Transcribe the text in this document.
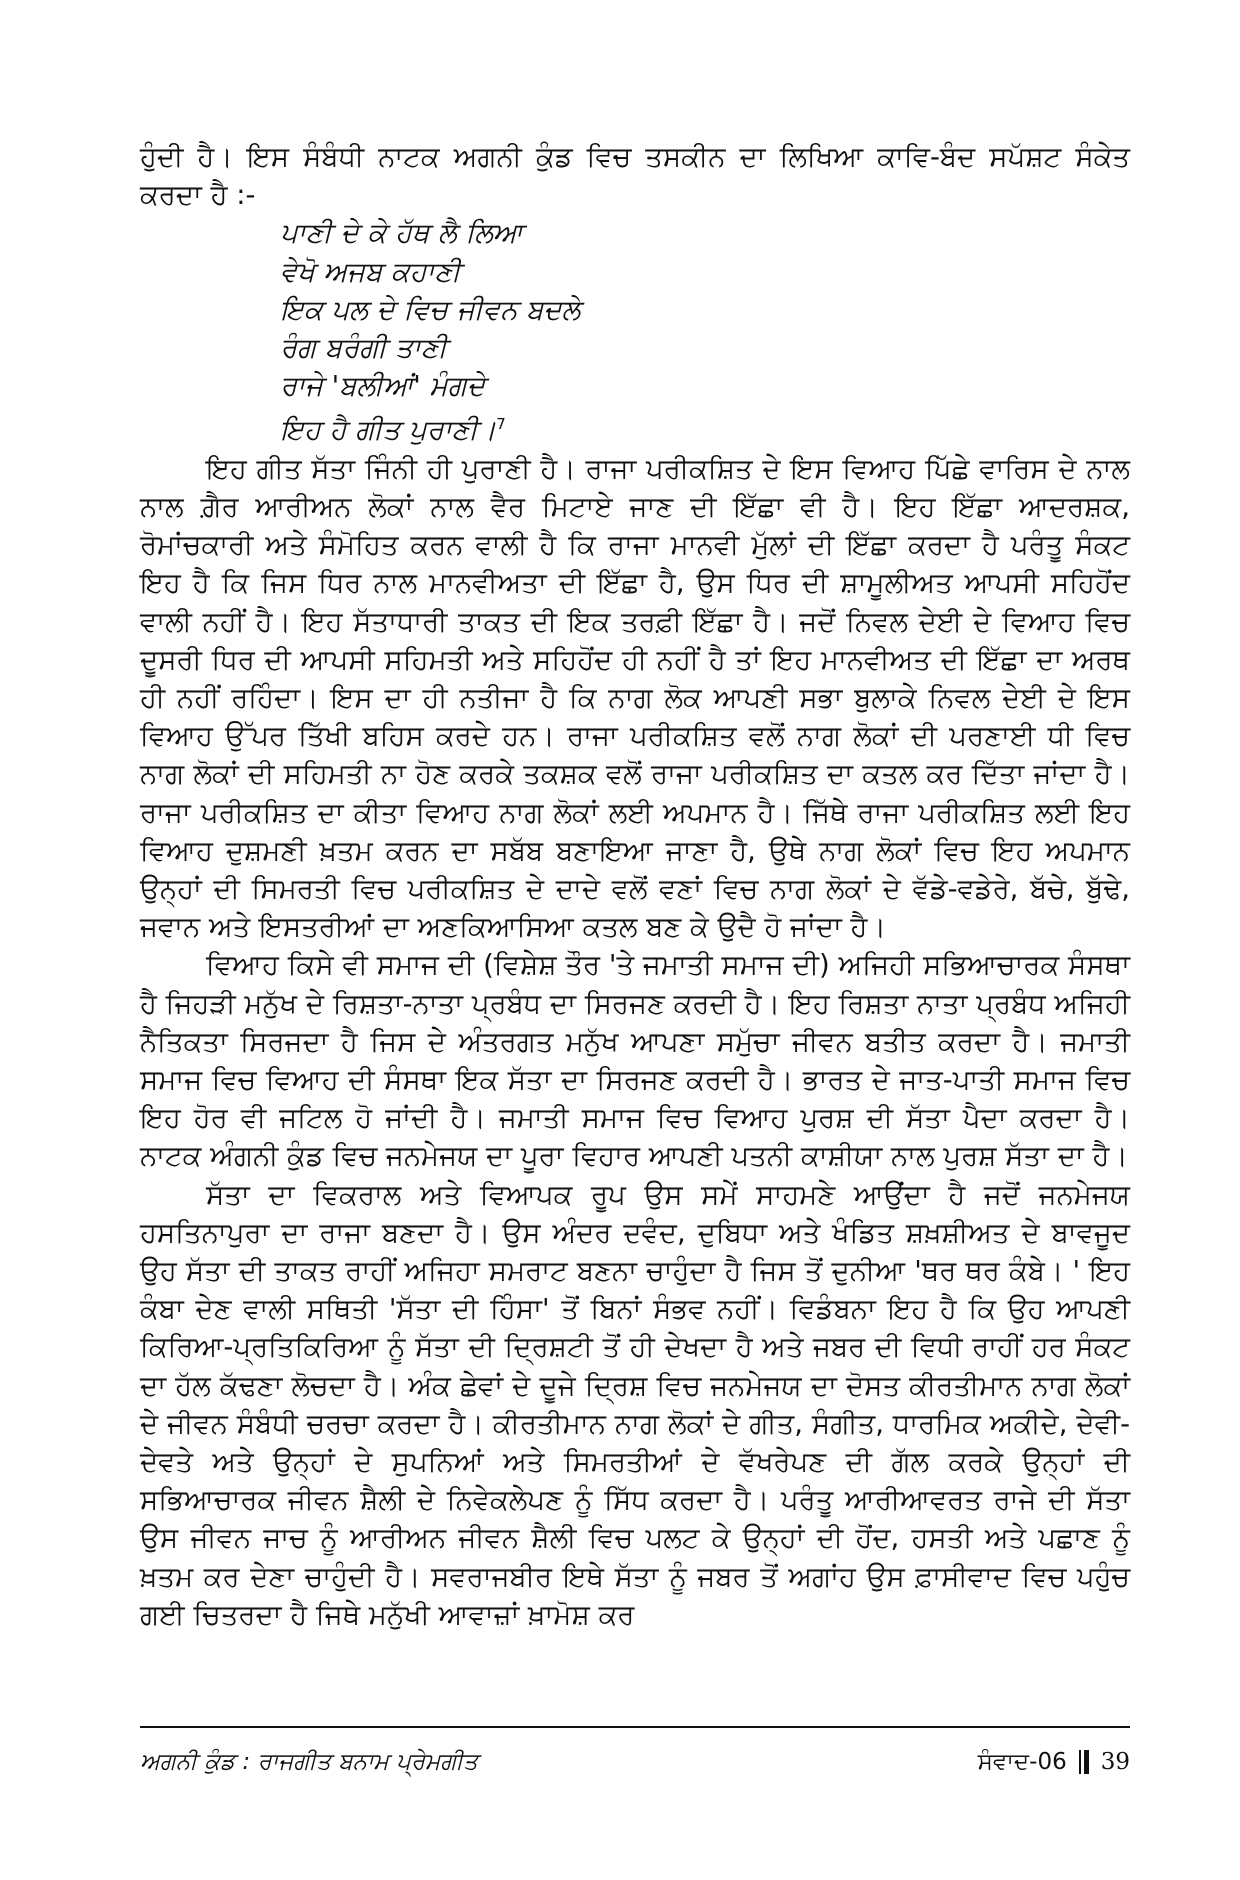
ਹੁੰਦੀ ਹੈ। ਇਸ ਸੰਬੰਧੀ ਨਾਟਕ ਅਗਨੀ ਕੁੰਡ ਵਿਚ ਤਸਕੀਨ ਦਾ ਲਿਖਿਆ ਕਾਵਿ-ਬੰਦ ਸਪੱਸ਼ਟ ਸੰਕੇਤ ਕਰਦਾ ਹੈ :-

ਪਾਣੀ ਦੇ ਕੇ ਹੱਥ ਲੈ ਲਿਆ
ਵੇਖੋ ਅਜਬ ਕਹਾਣੀ
ਇਕ ਪਲ ਦੇ ਵਿਚ ਜੀਵਨ ਬਦਲੇ
ਰੰਗ ਬਰੰਗੀ ਤਾਣੀ
ਰਾਜੇ 'ਬਲੀਆਂ' ਮੰਗਦੇ
ਇਹ ਹੈ ਗੀਤ ਪੁਰਾਣੀ।$^7$

ਇਹ ਗੀਤ ਸੱਤਾ ਜਿੰਨੀ ਹੀ ਪੁਰਾਣੀ ਹੈ। ਰਾਜਾ ਪਰੀਕਸ਼ਿਤ ਦੇ ਇਸ ਵਿਆਹ ਪਿੱਛੇ ਵਾਰਿਸ ਦੇ ਨਾਲ ਨਾਲ ਗ਼ੈਰ ਆਰੀਅਨ ਲੋਕਾਂ ਨਾਲ ਵੈਰ ਮਿਟਾਏ ਜਾਣ ਦੀ ਇੱਛਾ ਵੀ ਹੈ। ਇਹ ਇੱਛਾ ਆਦਰਸ਼ਕ, ਰੋਮਾਂਚਕਾਰੀ ਅਤੇ ਸੰਮੋਹਿਤ ਕਰਨ ਵਾਲੀ ਹੈ ਕਿ ਰਾਜਾ ਮਾਨਵੀ ਮੁੱਲਾਂ ਦੀ ਇੱਛਾ ਕਰਦਾ ਹੈ ਪਰੰਤੂ ਸੰਕਟ ਇਹ ਹੈ ਕਿ ਜਿਸ ਧਿਰ ਨਾਲ ਮਾਨਵੀਅਤਾ ਦੀ ਇੱਛਾ ਹੈ, ਉਸ ਧਿਰ ਦੀ ਸ਼ਾਮੂਲੀਅਤ ਆਪਸੀ ਸਹਿਹੋਂਦ ਵਾਲੀ ਨਹੀਂ ਹੈ। ਇਹ ਸੱਤਾਧਾਰੀ ਤਾਕਤ ਦੀ ਇਕ ਤਰਫ਼ੀ ਇੱਛਾ ਹੈ। ਜਦੋਂ ਨਿਵਲ ਦੇਈ ਦੇ ਵਿਆਹ ਵਿਚ ਦੂਸਰੀ ਧਿਰ ਦੀ ਆਪਸੀ ਸਹਿਮਤੀ ਅਤੇ ਸਹਿਹੋਂਦ ਹੀ ਨਹੀਂ ਹੈ ਤਾਂ ਇਹ ਮਾਨਵੀਅਤ ਦੀ ਇੱਛਾ ਦਾ ਅਰਥ ਹੀ ਨਹੀਂ ਰਹਿੰਦਾ। ਇਸ ਦਾ ਹੀ ਨਤੀਜਾ ਹੈ ਕਿ ਨਾਗ ਲੋਕ ਆਪਣੀ ਸਭਾ ਬੁਲਾਕੇ ਨਿਵਲ ਦੇਈ ਦੇ ਇਸ ਵਿਆਹ ਉੱਪਰ ਤਿੱਖੀ ਬਹਿਸ ਕਰਦੇ ਹਨ। ਰਾਜਾ ਪਰੀਕਸ਼ਿਤ ਵਲੋਂ ਨਾਗ ਲੋਕਾਂ ਦੀ ਪਰਣਾਈ ਧੀ ਵਿਚ ਨਾਗ ਲੋਕਾਂ ਦੀ ਸਹਿਮਤੀ ਨਾ ਹੋਣ ਕਰਕੇ ਤਕਸ਼ਕ ਵਲੋਂ ਰਾਜਾ ਪਰੀਕਸ਼ਿਤ ਦਾ ਕਤਲ ਕਰ ਦਿੱਤਾ ਜਾਂਦਾ ਹੈ। ਰਾਜਾ ਪਰੀਕਸ਼ਿਤ ਦਾ ਕੀਤਾ ਵਿਆਹ ਨਾਗ ਲੋਕਾਂ ਲਈ ਅਪਮਾਨ ਹੈ। ਜਿੱਥੇ ਰਾਜਾ ਪਰੀਕਸ਼ਿਤ ਲਈ ਇਹ ਵਿਆਹ ਦੁਸ਼ਮਣੀ ਖ਼ਤਮ ਕਰਨ ਦਾ ਸਬੱਬ ਬਣਾਇਆ ਜਾਣਾ ਹੈ, ਉਥੇ ਨਾਗ ਲੋਕਾਂ ਵਿਚ ਇਹ ਅਪਮਾਨ ਉਨ੍ਹਾਂ ਦੀ ਸਿਮਰਤੀ ਵਿਚ ਪਰੀਕਸ਼ਿਤ ਦੇ ਦਾਦੇ ਵਲੋਂ ਵਣਾਂ ਵਿਚ ਨਾਗ ਲੋਕਾਂ ਦੇ ਵੱਡੇ-ਵਡੇਰੇ, ਬੱਚੇ, ਬੁੱਢੇ, ਜਵਾਨ ਅਤੇ ਇਸਤਰੀਆਂ ਦਾ ਅਣਕਿਆਸਿਆ ਕਤਲ ਬਣ ਕੇ ਉਦੈ ਹੋ ਜਾਂਦਾ ਹੈ।

ਵਿਆਹ ਕਿਸੇ ਵੀ ਸਮਾਜ ਦੀ (ਵਿਸ਼ੇਸ਼ ਤੌਰ 'ਤੇ ਜਮਾਤੀ ਸਮਾਜ ਦੀ) ਅਜਿਹੀ ਸਭਿਆਚਾਰਕ ਸੰਸਥਾ ਹੈ ਜਿਹੜੀ ਮਨੁੱਖ ਦੇ ਰਿਸ਼ਤਾ-ਨਾਤਾ ਪ੍ਰਬੰਧ ਦਾ ਸਿਰਜਣ ਕਰਦੀ ਹੈ। ਇਹ ਰਿਸ਼ਤਾ ਨਾਤਾ ਪ੍ਰਬੰਧ ਅਜਿਹੀ ਨੈਤਿਕਤਾ ਸਿਰਜਦਾ ਹੈ ਜਿਸ ਦੇ ਅੰਤਰਗਤ ਮਨੁੱਖ ਆਪਣਾ ਸਮੁੱਚਾ ਜੀਵਨ ਬਤੀਤ ਕਰਦਾ ਹੈ। ਜਮਾਤੀ ਸਮਾਜ ਵਿਚ ਵਿਆਹ ਦੀ ਸੰਸਥਾ ਇਕ ਸੱਤਾ ਦਾ ਸਿਰਜਣ ਕਰਦੀ ਹੈ। ਭਾਰਤ ਦੇ ਜਾਤ-ਪਾਤੀ ਸਮਾਜ ਵਿਚ ਇਹ ਹੋਰ ਵੀ ਜਟਿਲ ਹੋ ਜਾਂਦੀ ਹੈ। ਜਮਾਤੀ ਸਮਾਜ ਵਿਚ ਵਿਆਹ ਪੁਰਸ਼ ਦੀ ਸੱਤਾ ਪੈਦਾ ਕਰਦਾ ਹੈ। ਨਾਟਕ ਅੰਗਨੀ ਕੁੰਡ ਵਿਚ ਜਨਮੇਜਯ ਦਾ ਪੂਰਾ ਵਿਹਾਰ ਆਪਣੀ ਪਤਨੀ ਕਾਸ਼ੀਯਾ ਨਾਲ ਪੁਰਸ਼ ਸੱਤਾ ਦਾ ਹੈ।

ਸੱਤਾ ਦਾ ਵਿਕਰਾਲ ਅਤੇ ਵਿਆਪਕ ਰੂਪ ਉਸ ਸਮੇਂ ਸਾਹਮਣੇ ਆਉਂਦਾ ਹੈ ਜਦੋਂ ਜਨਮੇਜਯ ਹਸਤਿਨਾਪੁਰਾ ਦਾ ਰਾਜਾ ਬਣਦਾ ਹੈ। ਉਸ ਅੰਦਰ ਦਵੰਦ, ਦੁਬਿਧਾ ਅਤੇ ਖੰਡਿਤ ਸ਼ਖ਼ਸ਼ੀਅਤ ਦੇ ਬਾਵਜੂਦ ਉਹ ਸੱਤਾ ਦੀ ਤਾਕਤ ਰਾਹੀਂ ਅਜਿਹਾ ਸਮਰਾਟ ਬਣਨਾ ਚਾਹੁੰਦਾ ਹੈ ਜਿਸ ਤੋਂ ਦੁਨੀਆ 'ਥਰ ਥਰ ਕੰਬੇ। ' ਇਹ ਕੰਬਾ ਦੇਣ ਵਾਲੀ ਸਥਿਤੀ 'ਸੱਤਾ ਦੀ ਹਿੰਸਾ' ਤੋਂ ਬਿਨਾਂ ਸੰਭਵ ਨਹੀਂ। ਵਿਡੰਬਨਾ ਇਹ ਹੈ ਕਿ ਉਹ ਆਪਣੀ ਕਿਰਿਆ-ਪ੍ਰਤਿਕਿਰਿਆ ਨੂੰ ਸੱਤਾ ਦੀ ਦ੍ਰਿਸ਼ਟੀ ਤੋਂ ਹੀ ਦੇਖਦਾ ਹੈ ਅਤੇ ਜਬਰ ਦੀ ਵਿਧੀ ਰਾਹੀਂ ਹਰ ਸੰਕਟ ਦਾ ਹੱਲ ਕੱਢਣਾ ਲੋਚਦਾ ਹੈ। ਅੰਕ ਛੇਵਾਂ ਦੇ ਦੂਜੇ ਦ੍ਰਿਸ਼ ਵਿਚ ਜਨਮੇਜਯ ਦਾ ਦੋਸਤ ਕੀਰਤੀਮਾਨ ਨਾਗ ਲੋਕਾਂ ਦੇ ਜੀਵਨ ਸੰਬੰਧੀ ਚਰਚਾ ਕਰਦਾ ਹੈ। ਕੀਰਤੀਮਾਨ ਨਾਗ ਲੋਕਾਂ ਦੇ ਗੀਤ, ਸੰਗੀਤ, ਧਾਰਮਿਕ ਅਕੀਦੇ, ਦੇਵੀ-ਦੇਵਤੇ ਅਤੇ ਉਨ੍ਹਾਂ ਦੇ ਸੁਪਨਿਆਂ ਅਤੇ ਸਿਮਰਤੀਆਂ ਦੇ ਵੱਖਰੇਪਣ ਦੀ ਗੱਲ ਕਰਕੇ ਉਨ੍ਹਾਂ ਦੀ ਸਭਿਆਚਾਰਕ ਜੀਵਨ ਸ਼ੈਲੀ ਦੇ ਨਿਵੇਕਲੇਪਣ ਨੂੰ ਸਿੱਧ ਕਰਦਾ ਹੈ। ਪਰੰਤੂ ਆਰੀਆਵਰਤ ਰਾਜੇ ਦੀ ਸੱਤਾ ਉਸ ਜੀਵਨ ਜਾਚ ਨੂੰ ਆਰੀਅਨ ਜੀਵਨ ਸ਼ੈਲੀ ਵਿਚ ਪਲਟ ਕੇ ਉਨ੍ਹਾਂ ਦੀ ਹੋਂਦ, ਹਸਤੀ ਅਤੇ ਪਛਾਣ ਨੂੰ ਖ਼ਤਮ ਕਰ ਦੇਣਾ ਚਾਹੁੰਦੀ ਹੈ। ਸਵਰਾਜਬੀਰ ਇਥੇ ਸੱਤਾ ਨੂੰ ਜਬਰ ਤੋਂ ਅਗਾਂਹ ਉਸ ਫ਼ਾਸੀਵਾਦ ਵਿਚ ਪਹੁੰਚ ਗਈ ਚਿਤਰਦਾ ਹੈ ਜਿਥੇ ਮਨੁੱਖੀ ਆਵਾਜ਼ਾਂ ਖ਼ਾਮੋਸ਼ ਕਰ

ਅਗਨੀ ਕੁੰਡ : ਰਾਜਗੀਤ ਬਨਾਮ ਪ੍ਰੇਮਗੀਤ	ਸੰਵਾਦ-06 39
